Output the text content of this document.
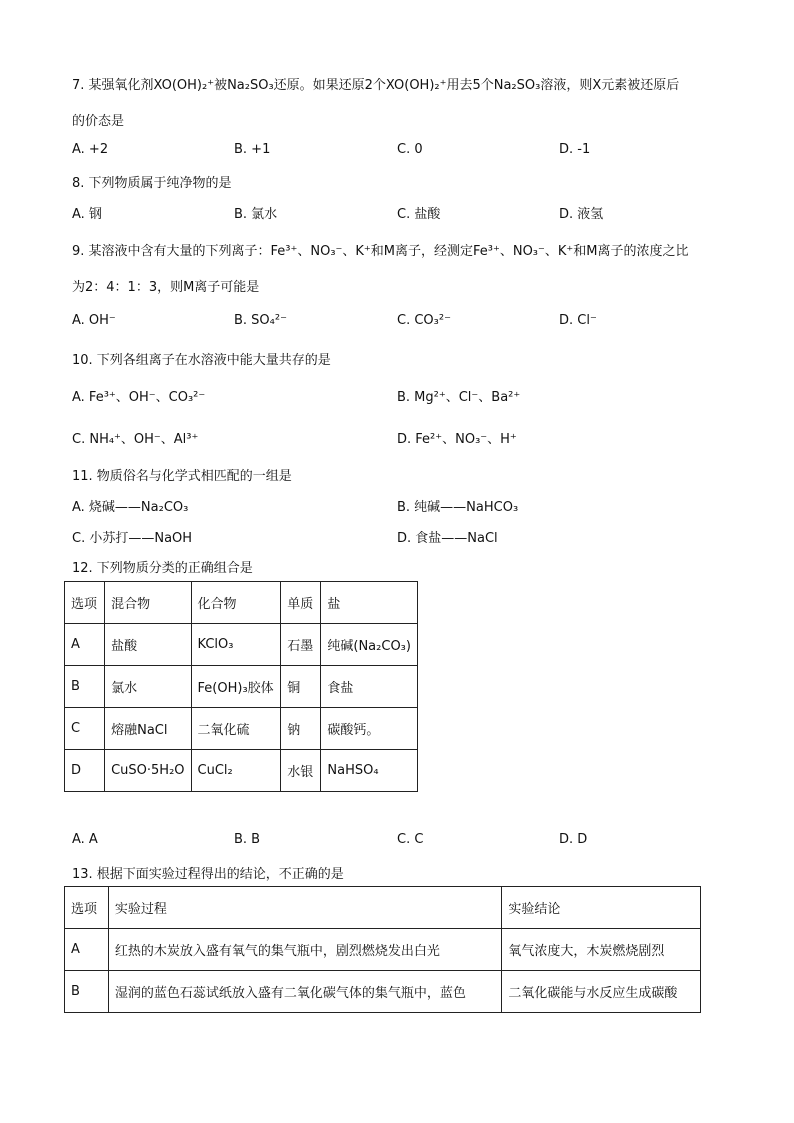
7. 某强氧化剂XO(OH)₂⁺被Na₂SO₃还原。如果还原2个XO(OH)₂⁺用去5个Na₂SO₃溶液，则X元素被还原后
的价态是
A. +2	B. +1	C. 0	D. -1
8. 下列物质属于纯净物的是
A. 钢	B. 氯水	C. 盐酸	D. 液氢
9. 某溶液中含有大量的下列离子：Fe³⁺、NO₃⁻、K⁺和M离子，经测定Fe³⁺、NO₃⁻、K⁺和M离子的浓度之比
为2：4：1：3，则M离子可能是
A. OH⁻	B. SO₄²⁻	C. CO₃²⁻	D. Cl⁻
10. 下列各组离子在水溶液中能大量共存的是
A. Fe³⁺、OH⁻、CO₃²⁻	B. Mg²⁺、Cl⁻、Ba²⁺
C. NH₄⁺、OH⁻、Al³⁺	D. Fe²⁺、NO₃⁻、H⁺
11. 物质俗名与化学式相匹配的一组是
A. 烧碱——Na₂CO₃	B. 纯碱——NaHCO₃
C. 小苏打——NaOH	D. 食盐——NaCl
12. 下列物质分类的正确组合是
选项	混合物	化合物	单质	盐
A	盐酸	KClO₃	石墨	纯碱(Na₂CO₃)
B	氯水	Fe(OH)₃胶体	铜	食盐
C	熔融NaCl	二氧化硫	钠	碳酸钙。
D	CuSO·5H₂O	CuCl₂	水银	NaHSO₄
A. A	B. B	C. C	D. D
13. 根据下面实验过程得出的结论，不正确的是
选项	实验过程	实验结论
A	红热的木炭放入盛有氧气的集气瓶中，剧烈燃烧发出白光	氧气浓度大，木炭燃烧剧烈
B	湿润的蓝色石蕊试纸放入盛有二氧化碳气体的集气瓶中，蓝色	二氧化碳能与水反应生成碳酸
